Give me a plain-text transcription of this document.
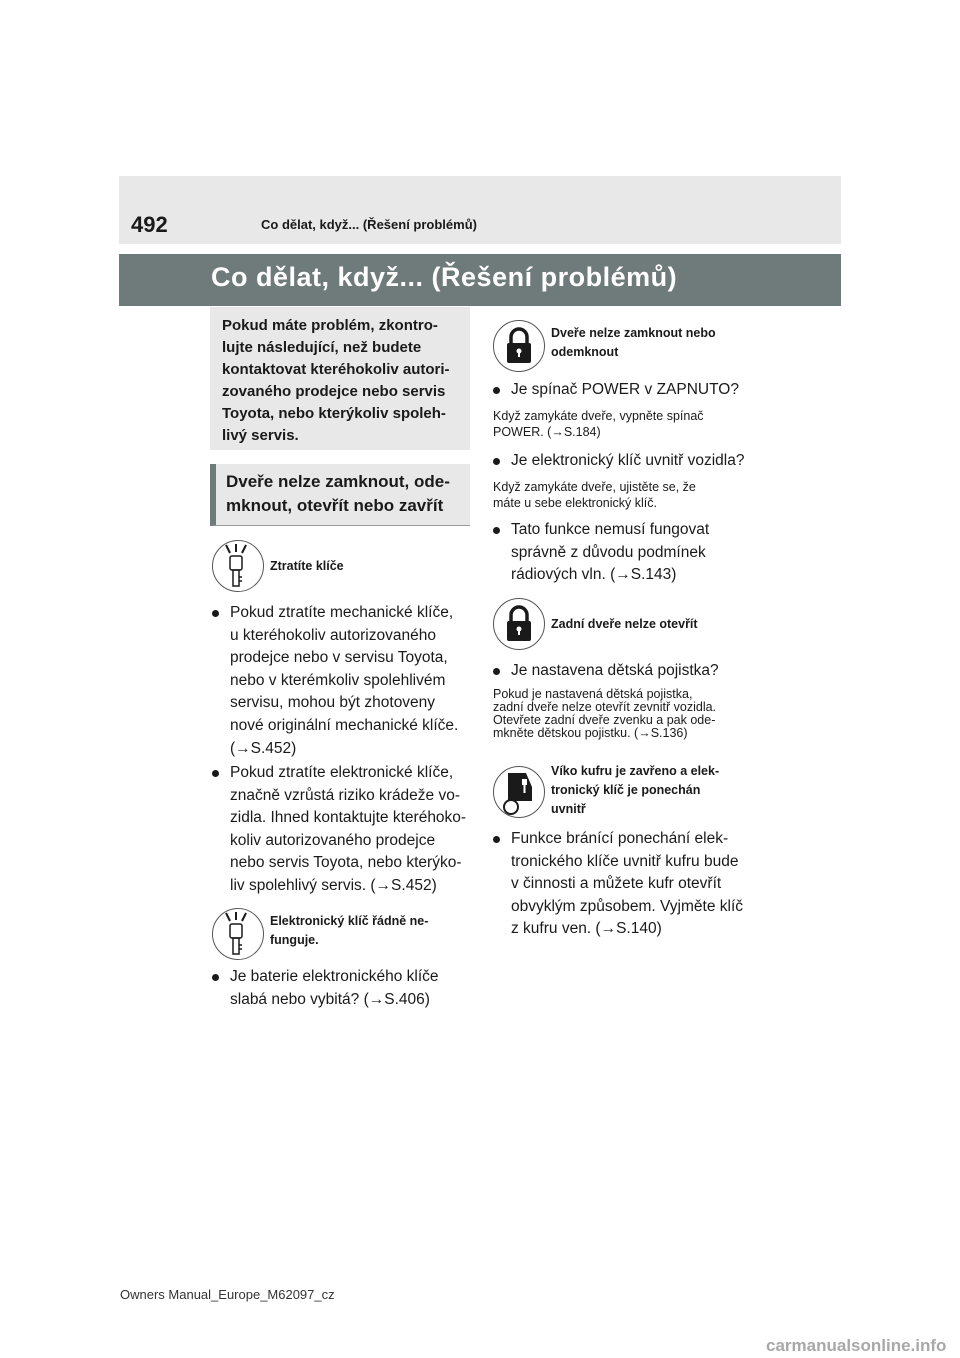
492	Co dělat, když... (Řešení problémů)
Co dělat, když... (Řešení problémů)
Pokud máte problém, zkontro-
lujte následující, než budete
kontaktovat kteréhokoliv autori-
zovaného prodejce nebo servis
Toyota, nebo kterýkoliv spoleh-
livý servis.
Dveře nelze zamknout, ode-
mknout, otevřít nebo zavřít
Ztratíte klíče
Pokud ztratíte mechanické klíče,
u kteréhokoliv autorizovaného
prodejce nebo v servisu Toyota,
nebo v kterémkoliv spolehlivém
servisu, mohou být zhotoveny
nové originální mechanické klíče.
(→S.452)
Pokud ztratíte elektronické klíče,
značně vzrůstá riziko krádeže vo-
zidla. Ihned kontaktujte kteréhoko-
koliv autorizovaného prodejce
nebo servis Toyota, nebo kterýko-
liv spolehlivý servis. (→S.452)
Elektronický klíč řádně ne-
funguje.
Je baterie elektronického klíče
slabá nebo vybitá? (→S.406)
Dveře nelze zamknout nebo
odemknout
Je spínač POWER v ZAPNUTO?
Když zamykáte dveře, vypněte spínač
POWER. (→S.184)
Je elektronický klíč uvnitř vozidla?
Když zamykáte dveře, ujistěte se, že
máte u sebe elektronický klíč.
Tato funkce nemusí fungovat
správně z důvodu podmínek
rádiových vln. (→S.143)
Zadní dveře nelze otevřít
Je nastavena dětská pojistka?
Pokud je nastavená dětská pojistka,
zadní dveře nelze otevřít zevnitř vozidla.
Otevřete zadní dveře zvenku a pak ode-
mkněte dětskou pojistku. (→S.136)
Víko kufru je zavřeno a elek-
tronický klíč je ponechán
uvnitř
Funkce bránící ponechání elek-
tronického klíče uvnitř kufru bude
v činnosti a můžete kufr otevřít
obvyklým způsobem. Vyjměte klíč
z kufru ven. (→S.140)
Owners Manual_Europe_M62097_cz
carmanualsonline.info
